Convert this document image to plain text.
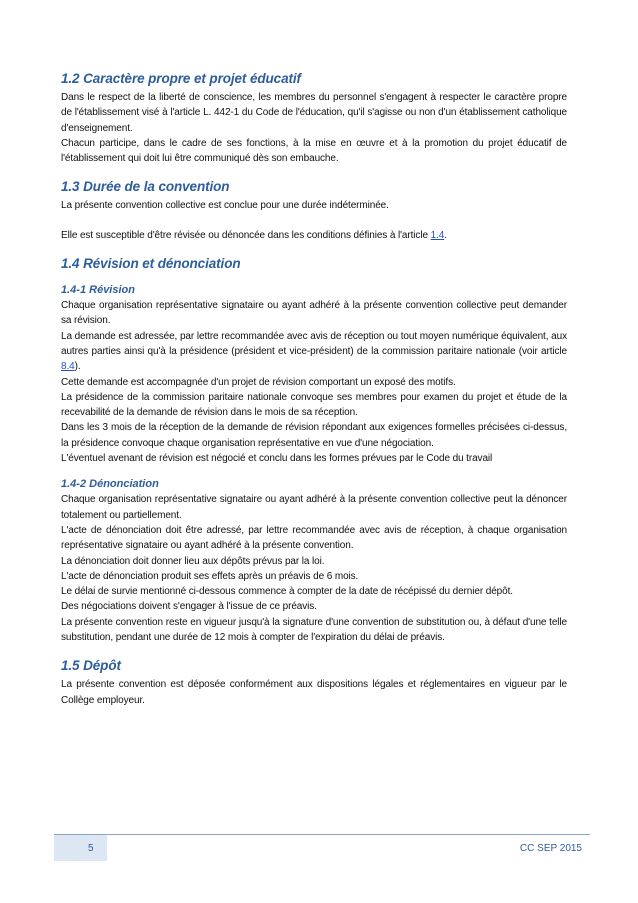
1.2 Caractère propre et projet éducatif

Dans le respect de la liberté de conscience, les membres du personnel s'engagent à respecter le caractère propre de l'établissement visé à l'article L. 442-1 du Code de l'éducation, qu'il s'agisse ou non d'un établissement catholique d'enseignement.

Chacun participe, dans le cadre de ses fonctions, à la mise en œuvre et à la promotion du projet éducatif de l'établissement qui doit lui être communiqué dès son embauche.

1.3 Durée de la convention

La présente convention collective est conclue pour une durée indéterminée.

Elle est susceptible d'être révisée ou dénoncée dans les conditions définies à l'article 1.4.

1.4 Révision et dénonciation
1.4-1 Révision

Chaque organisation représentative signataire ou ayant adhéré à la présente convention collective peut demander sa révision.

La demande est adressée, par lettre recommandée avec avis de réception ou tout moyen numérique équivalent, aux autres parties ainsi qu'à la présidence (président et vice-président) de la commission paritaire nationale (voir article 8.4).

Cette demande est accompagnée d'un projet de révision comportant un exposé des motifs.

La présidence de la commission paritaire nationale convoque ses membres pour examen du projet et étude de la recevabilité de la demande de révision dans le mois de sa réception.

Dans les 3 mois de la réception de la demande de révision répondant aux exigences formelles précisées ci-dessus, la présidence convoque chaque organisation représentative en vue d'une négociation.

L'éventuel avenant de révision est négocié et conclu dans les formes prévues par le Code du travail

1.4-2 Dénonciation

Chaque organisation représentative signataire ou ayant adhéré à la présente convention collective peut la dénoncer totalement ou partiellement.

L'acte de dénonciation doit être adressé, par lettre recommandée avec avis de réception, à chaque organisation représentative signataire ou ayant adhéré à la présente convention.

La dénonciation doit donner lieu aux dépôts prévus par la loi.

L'acte de dénonciation produit ses effets après un préavis de 6 mois.

Le délai de survie mentionné ci-dessous commence à compter de la date de récépissé du dernier dépôt.

Des négociations doivent s'engager à l'issue de ce préavis.

La présente convention reste en vigueur jusqu'à la signature d'une convention de substitution ou, à défaut d'une telle substitution, pendant une durée de 12 mois à compter de l'expiration du délai de préavis.

1.5 Dépôt

La présente convention est déposée conformément aux dispositions légales et réglementaires en vigueur par le Collège employeur.

5	CC SEP 2015
